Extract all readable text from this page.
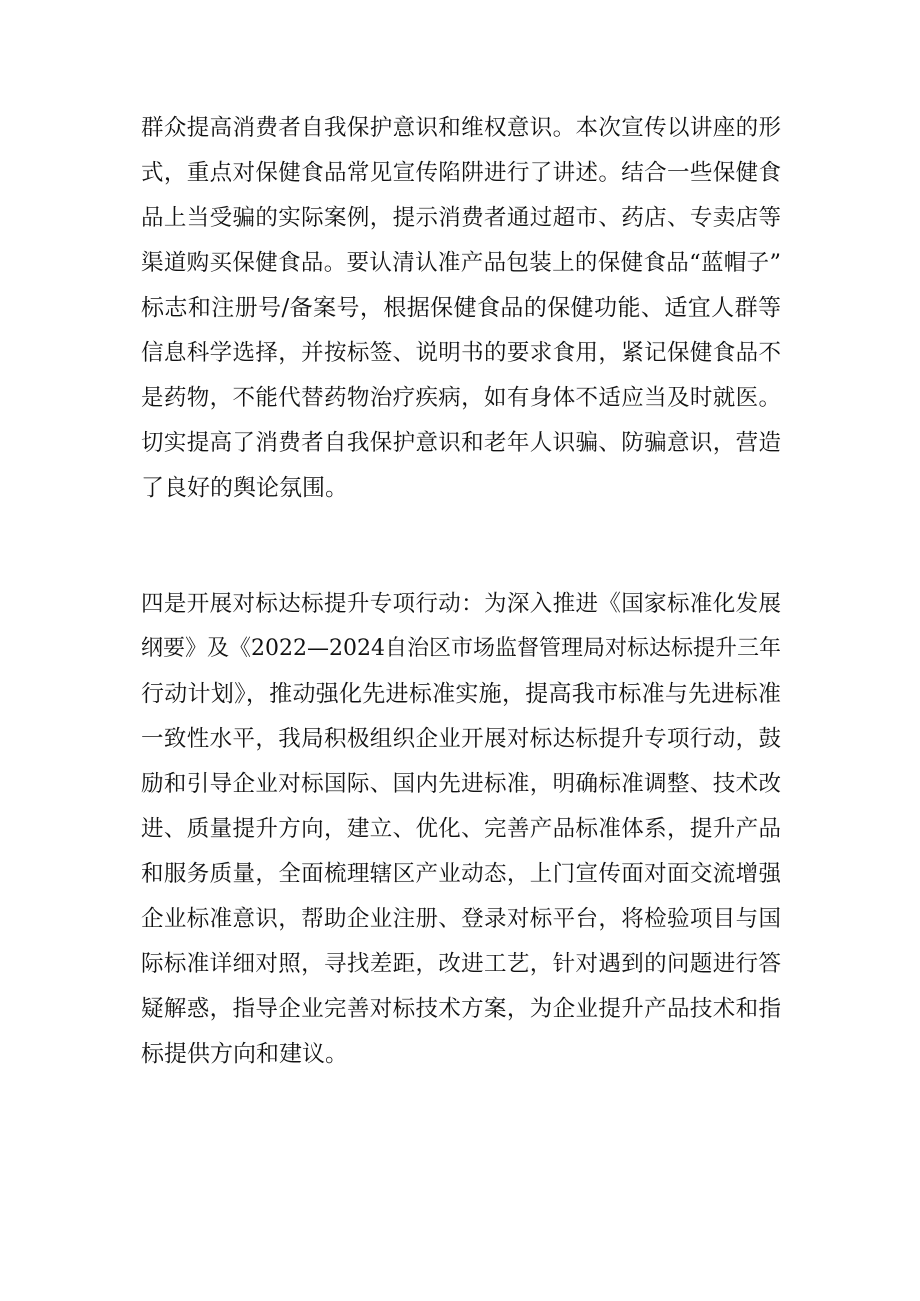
群众提高消费者自我保护意识和维权意识。本次宣传以讲座的形
式，重点对保健食品常见宣传陷阱进行了讲述。结合一些保健食
品上当受骗的实际案例，提示消费者通过超市、药店、专卖店等
渠道购买保健食品。要认清认准产品包装上的保健食品“蓝帽子”
标志和注册号/备案号，根据保健食品的保健功能、适宜人群等
信息科学选择，并按标签、说明书的要求食用，紧记保健食品不
是药物，不能代替药物治疗疾病，如有身体不适应当及时就医。
切实提高了消费者自我保护意识和老年人识骗、防骗意识，营造
了良好的舆论氛围。
四是开展对标达标提升专项行动：为深入推进《国家标准化发展
纲要》及《2022—2024自治区市场监督管理局对标达标提升三年
行动计划》，推动强化先进标准实施，提高我市标准与先进标准
一致性水平，我局积极组织企业开展对标达标提升专项行动，鼓
励和引导企业对标国际、国内先进标准，明确标准调整、技术改
进、质量提升方向，建立、优化、完善产品标准体系，提升产品
和服务质量，全面梳理辖区产业动态，上门宣传面对面交流增强
企业标准意识，帮助企业注册、登录对标平台，将检验项目与国
际标准详细对照，寻找差距，改进工艺，针对遇到的问题进行答
疑解惑，指导企业完善对标技术方案，为企业提升产品技术和指
标提供方向和建议。
